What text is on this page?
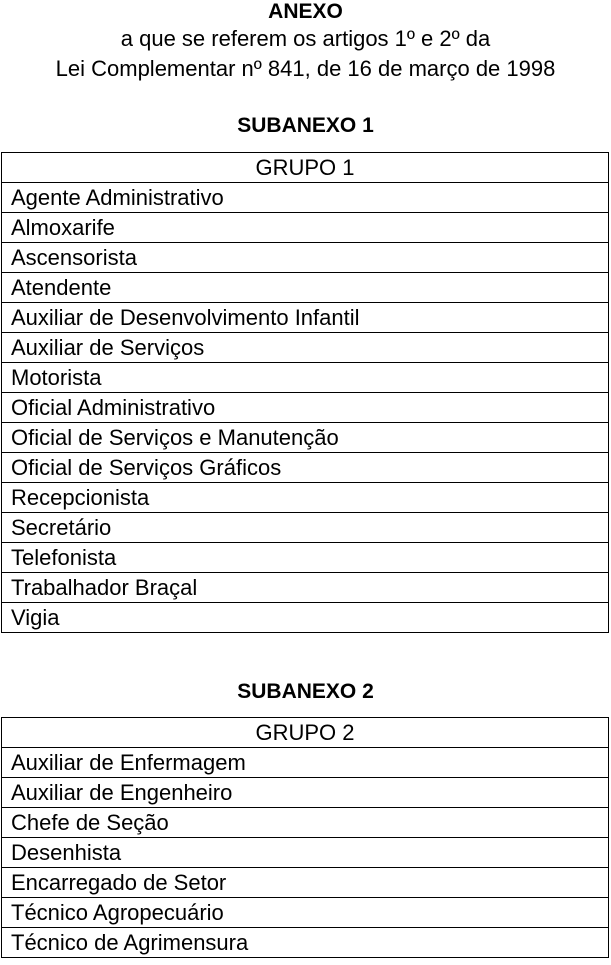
ANEXO
a que se referem os artigos 1º e 2º da
Lei Complementar nº 841, de 16 de março de 1998
SUBANEXO 1
GRUPO 1
Agente Administrativo
Almoxarife
Ascensorista
Atendente
Auxiliar de Desenvolvimento Infantil
Auxiliar de Serviços
Motorista
Oficial Administrativo
Oficial de Serviços e Manutenção
Oficial de Serviços Gráficos
Recepcionista
Secretário
Telefonista
Trabalhador Braçal
Vigia
SUBANEXO 2
GRUPO 2
Auxiliar de Enfermagem
Auxiliar de Engenheiro
Chefe de Seção
Desenhista
Encarregado de Setor
Técnico Agropecuário
Técnico de Agrimensura
